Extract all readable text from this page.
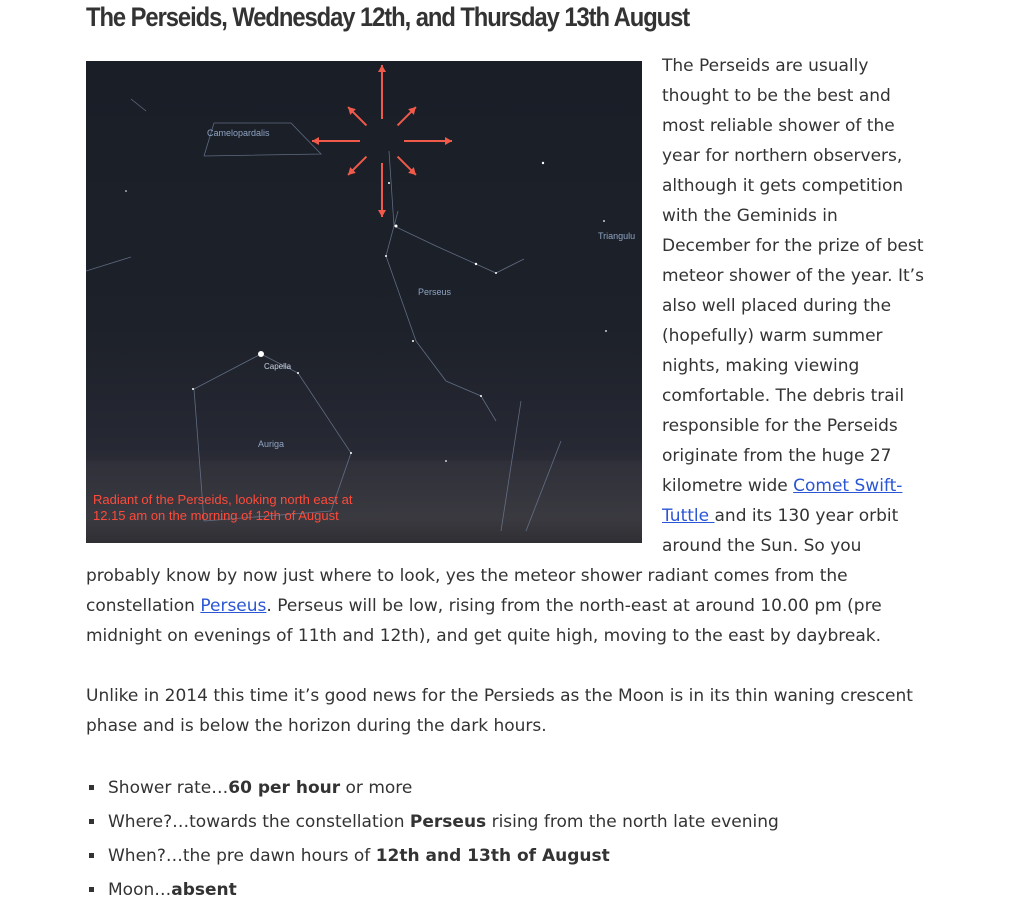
The Perseids, Wednesday 12th, and Thursday 13th August
Camelopardalis
Triangulu
Perseus
Capella
Auriga
Radiant of the Perseids, looking north east at
12.15 am on the morning of 12th of August

The Perseids are usually thought to be the best and most reliable shower of the year for northern observers, although it gets competition with the Geminids in December for the prize of best meteor shower of the year. It’s also well placed during the (hopefully) warm summer nights, making viewing comfortable. The debris trail responsible for the Perseids originate from the huge 27 kilometre wide Comet Swift-Tuttle and its 130 year orbit around the Sun. So you probably know by now just where to look, yes the meteor shower radiant comes from the constellation Perseus. Perseus will be low, rising from the north-east at around 10.00 pm (pre midnight on evenings of 11th and 12th), and get quite high, moving to the east by daybreak.

Unlike in 2014 this time it’s good news for the Persieds as the Moon is in its thin waning crescent phase and is below the horizon during the dark hours.

Shower rate…60 per hour or more
Where?…towards the constellation Perseus rising from the north late evening
When?…the pre dawn hours of 12th and 13th of August
Moon…absent
